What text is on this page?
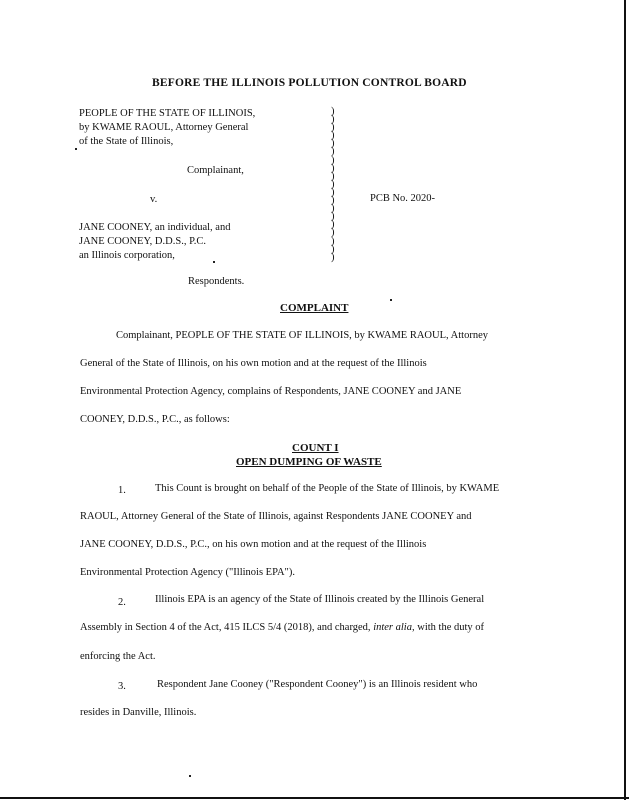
BEFORE THE ILLINOIS POLLUTION CONTROL BOARD
PEOPLE OF THE STATE OF ILLINOIS,
by KWAME RAOUL, Attorney General
of the State of Illinois,
Complainant,
v.	PCB No. 2020-
JANE COONEY, an individual, and
JANE COONEY, D.D.S., P.C.
an Illinois corporation,
Respondents.
)
)
)
)
)
)
)
)
)
)
)
)
)
)
)
)
)
)
)
COMPLAINT
Complainant, PEOPLE OF THE STATE OF ILLINOIS, by KWAME RAOUL, Attorney
General of the State of Illinois, on his own motion and at the request of the Illinois
Environmental Protection Agency, complains of Respondents, JANE COONEY and JANE
COONEY, D.D.S., P.C., as follows:
COUNT I
OPEN DUMPING OF WASTE
1.	This Count is brought on behalf of the People of the State of Illinois, by KWAME
RAOUL, Attorney General of the State of Illinois, against Respondents JANE COONEY and
JANE COONEY, D.D.S., P.C., on his own motion and at the request of the Illinois
Environmental Protection Agency ("Illinois EPA").
2.	Illinois EPA is an agency of the State of Illinois created by the Illinois General
Assembly in Section 4 of the Act, 415 ILCS 5/4 (2018), and charged, inter alia, with the duty of
enforcing the Act.
3.	Respondent Jane Cooney ("Respondent Cooney") is an Illinois resident who
resides in Danville, Illinois.
